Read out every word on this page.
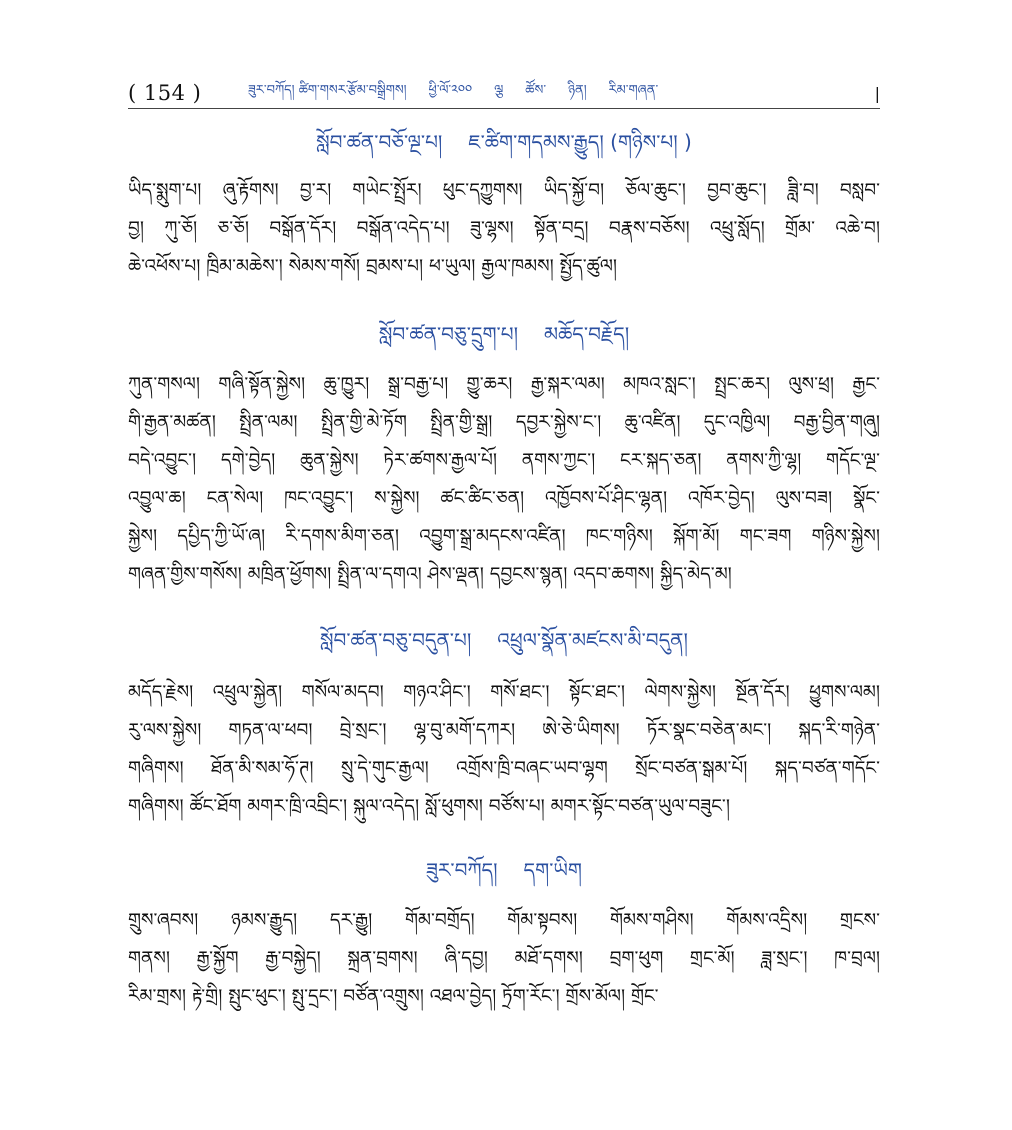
( 154 )	ཟུར་བཀོད། ཚིག་གསར་རྩོམ་བསྒྲིགས། ཕྱི་ལོ་༢༠༠ ལྕ ཚོས་ ཉིན། རིམ་གཞན་	|
སློབ་ཚན་བཅོ་ལྔ་པ། ཇ་ཚིག་གདམས་རྒྱུད། (གཉིས་པ། )
ཡིད་སྨུག་པ། ཞུ་རྟོགས། བྱ་ར། གཡེང་སྤྲོར། ཕུང་དཀྱུགས། ཡིད་སྐྱོ་བ། ཅོལ་ཆུང་། བྱབ་ཆུང་། ཟླི་བ། བསླབ་
བྱ། ཀུ་ཅོ། ཅ་ཅོ། བསྒོན་དོར། བསྒོན་འདེད་པ། ཟུ་ལྷས། སྟོན་བདྲ། བརྣས་བཅོས། འཕྲུ་སློད། གྲོམ་ འཆེ་བ།
ཆེ་འཕོས་པ། ཁྲིམ་མཆེས་། སེམས་གསོ། བྲམས་པ། ཕ་ཡུལ། རྒྱལ་ཁམས། སྤྱོད་ཚུལ།
སློབ་ཚན་བཅུ་དྲུག་པ། མཆོད་བརྗོད།
ཀུན་གསལ། གཞི་སྟོན་སྐྱེས། ཆུ་ཁྱུར། སྒྲ་བརྒྱ་པ། གྱུ་ཆར། རྒྱ་སྐར་ལམ། མཁའ་སླང་། སྤྲང་ཆར། ལུས་ཕྲ། རྒྱང་
གི་རྒྱན་མཚན། སྤྲིན་ལམ། སྤྲིན་གྱི་མེ་ཏོག སྤྲིན་གྱི་སྒྲ། དབྱར་སྐྱེས་ང་། ཆུ་འཛིན། དུང་འཁྱིལ། བརྒྱ་བྱིན་གཞུ།
བདེ་འབྱུང་། དགེ་བྱེད། ཆུན་སྐྱེས། ཏེར་ཚགས་རྒྱལ་པོ། ནགས་ཀྱང་། ངར་སྐད་ཅན། ནགས་ཀྱི་ལྷ། གདོང་ལྔ་
འབྱུལ་ཆ། ངན་སེལ། ཁང་འབྱུང་། ས་སྐྱེས། ཚང་ཚིང་ཅན། འཁྱོབས་པོ་ཤིང་ལྷན། འཁོར་བྱེད། ལུས་བཟ། སྣོང་
སྐྱེས། དཔྱིད་ཀྱི་ཡོ་ཞ། རི་དགས་མིག་ཅན། འབྱུག་སྒྲ་མདངས་འཛིན། ཁང་གཉིས། སྐོག་མོ། གང་ཟག གཉིས་སྐྱེས།
གཞན་གྱིས་གསོས། མཁྲིན་ཕྱོགས། སྤྲིན་ལ་དགའ། ཤེས་ལྡན། དབྱངས་སྙན། འདབ་ཆགས། སྐྱིད་མེད་མ།
སློབ་ཚན་བཅུ་བདུན་པ། འཕྲུལ་སྣོན་མཛངས་མི་བདུན།
མདོད་རྗེས། འཕྲུལ་སྐྱེན། གསོལ་མདབ། གཉའ་ཤིང་། གསོ་ཐང་། སྟོང་ཐང་། ལེགས་སྐྱེས། སྔོན་དོར། ཕྱུགས་ལམ།
རུ་ལས་སྐྱེས། གཏན་ལ་ཕབ། བྲེ་སྲང་། ལྷ་བུ་མགོ་དཀར། ཨེ་ཅེ་ཡིགས། ཏོར་སྣང་བཅེན་མང་། སྐད་རི་གཉེན་
གཞིགས། ཐོན་མི་སམ་ཧོ་ཊ། སྲུ་དེ་གུང་རྒྱལ། འགྲོས་ཁྲི་བཞང་ཡབ་ལྷག སྲོང་བཙན་སྒམ་པོ། སྐད་བཙན་གདོང་
གཞིགས། ཚོང་ཐོག མགར་ཁྲི་འབྲིང་། སྐུལ་འདེད། སློ་ཕུགས། བཙོས་པ། མགར་སྟོང་བཙན་ཡུལ་བཟུང་།
ཟུར་བཀོད། དག་ཡིག
གྲུས་ཞབས། ཉམས་རྒྱུད། དར་རྒྱུ། གོམ་བགྲོད། གོམ་སྟབས། གོམས་གཤིས། གོམས་འདྲིས། གྲངས་
གནས། རྒྱ་སྐྱོག རྒྱ་བསྐྱེད། སྐྲན་བྲགས། ཞི་དབྱ། མཐོ་དགས། བྲག་ཕུག གྲང་མོ། ཟླ་སྲང་། ཁ་བྲལ།
རིམ་གྲས། རྟེ་གྲི། སྤུང་ཕུང་། སྤུ་དྲང་། བཙོན་འགྲུས། འཐལ་བྱེད། ཏྲོག་རོང་། གྲོས་མོལ། གྲོང་
